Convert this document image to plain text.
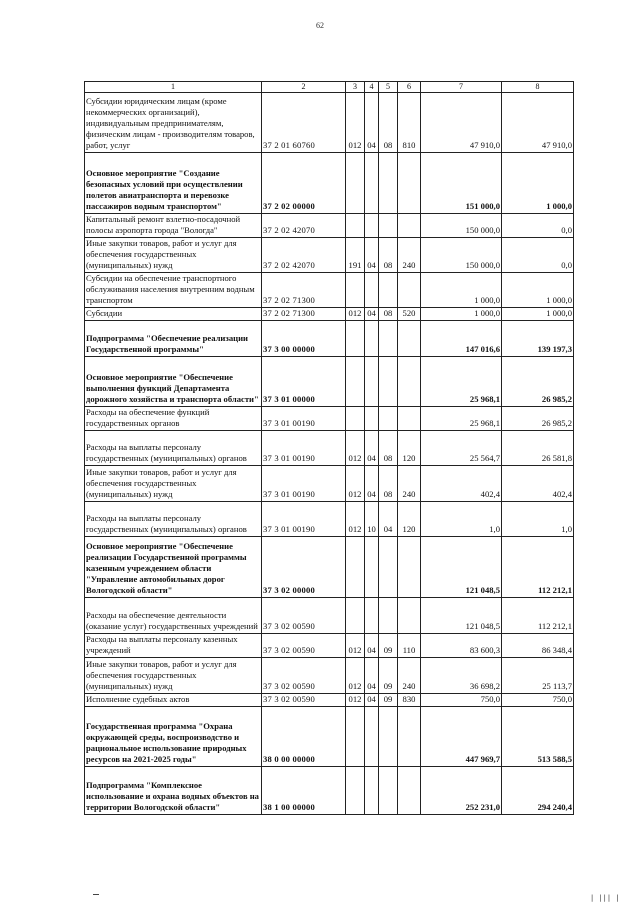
62
1	2	3	4	5	6	7	8
Субсидии юридическим лицам (кроме некоммерческих организаций), индивидуальным предпринимателям, физическим лицам - производителям товаров, работ, услуг	37 2 01 60760	012	04	08	810	47 910,0	47 910,0
Основное мероприятие "Создание безопасных условий при осуществлении полетов авиатранспорта и перевозке пассажиров водным транспортом"	37 2 02 00000					151 000,0	1 000,0
Капитальный ремонт взлетно-посадочной полосы аэропорта города "Вологда"	37 2 02 42070					150 000,0	0,0
Иные закупки товаров, работ и услуг для обеспечения государственных (муниципальных) нужд	37 2 02 42070	191	04	08	240	150 000,0	0,0
Субсидии на обеспечение транспортного обслуживания населения внутренним водным транспортом	37 2 02 71300					1 000,0	1 000,0
Субсидии	37 2 02 71300	012	04	08	520	1 000,0	1 000,0
Подпрограмма "Обеспечение реализации Государственной программы"	37 3 00 00000					147 016,6	139 197,3
Основное мероприятие "Обеспечение выполнения функций Департамента дорожного хозяйства и транспорта области"	37 3 01 00000					25 968,1	26 985,2
Расходы на обеспечение функций государственных органов	37 3 01 00190					25 968,1	26 985,2
Расходы на выплаты персоналу государственных (муниципальных) органов	37 3 01 00190	012	04	08	120	25 564,7	26 581,8
Иные закупки товаров, работ и услуг для обеспечения государственных (муниципальных) нужд	37 3 01 00190	012	04	08	240	402,4	402,4
Расходы на выплаты персоналу государственных (муниципальных) органов	37 3 01 00190	012	10	04	120	1,0	1,0
Основное мероприятие "Обеспечение реализации Государственной программы казенным учреждением области "Управление автомобильных дорог Вологодской области"	37 3 02 00000					121 048,5	112 212,1
Расходы на обеспечение деятельности (оказание услуг) государственных учреждений	37 3 02 00590					121 048,5	112 212,1
Расходы на выплаты персоналу казенных учреждений	37 3 02 00590	012	04	09	110	83 600,3	86 348,4
Иные закупки товаров, работ и услуг для обеспечения государственных (муниципальных) нужд	37 3 02 00590	012	04	09	240	36 698,2	25 113,7
Исполнение судебных актов	37 3 02 00590	012	04	09	830	750,0	750,0
Государственная программа "Охрана окружающей среды, воспроизводство и рациональное использование природных ресурсов на 2021-2025 годы"	38 0 00 00000					447 969,7	513 588,5
Подпрограмма "Комплексное использование и охрана водных объектов на территории Вологодской области"	38 1 00 00000					252 231,0	294 240,4
| ||| |
